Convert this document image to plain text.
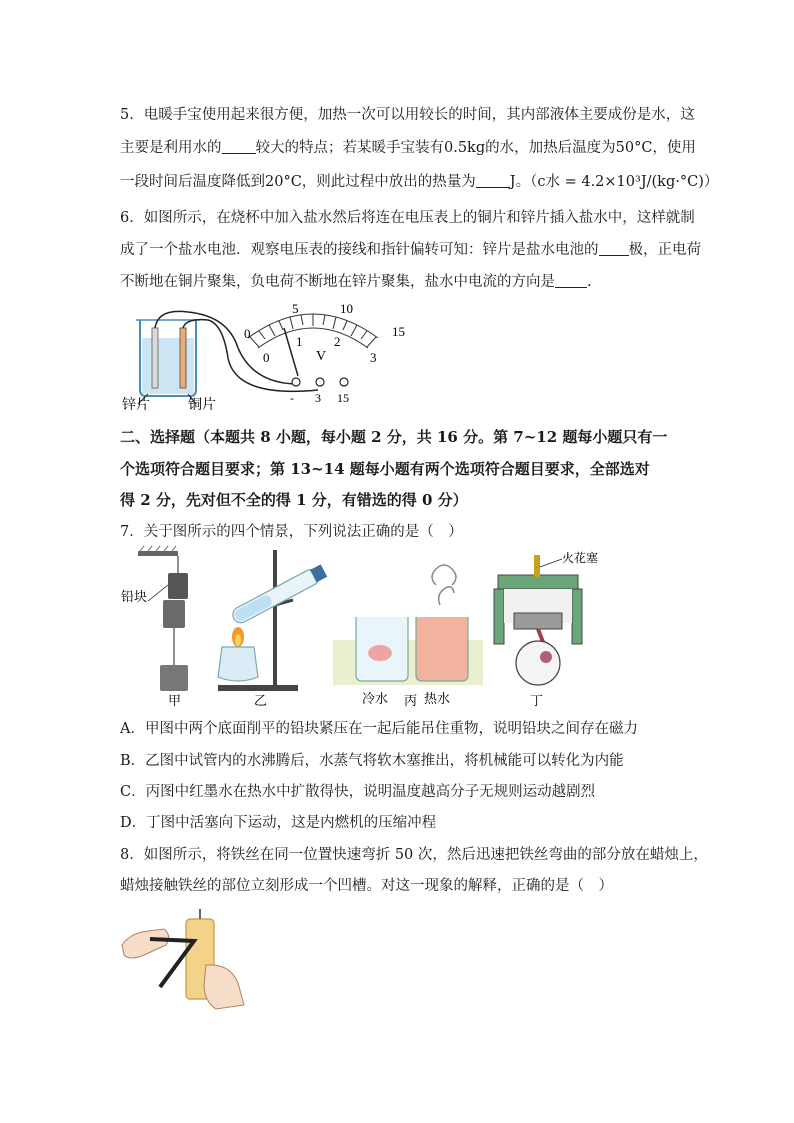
5．电暖手宝使用起来很方便，加热一次可以用较长的时间，其内部液体主要成份是水，这
主要是利用水的 较大的特点；若某暖手宝装有0.5kg的水，加热后温度为50°C，使用
一段时间后温度降低到20°C，则此过程中放出的热量为 J。（c水 = 4.2×10³J/(kg·°C)）
6．如图所示，在烧杯中加入盐水然后将连在电压表上的铜片和锌片插入盐水中，这样就制
成了一个盐水电池．观察电压表的接线和指针偏转可知：锌片是盐水电池的 极，正电荷
不断地在铜片聚集，负电荷不断地在锌片聚集，盐水中电流的方向是 .
0
5	10
15
0
1 2
3
V
- 3 15
锌片	铜片
二、选择题（本题共 8 小题，每小题 2 分，共 16 分。第 7~12 题每小题只有一
个选项符合题目要求；第 13~14 题每小题有两个选项符合题目要求，全部选对
得 2 分，先对但不全的得 1 分，有错选的得 0 分）
7．关于图所示的四个情景，下列说法正确的是（　）
铅块
冷水	热水
火花塞
甲	乙	丙	丁
A．甲图中两个底面削平的铅块紧压在一起后能吊住重物，说明铅块之间存在磁力
B．乙图中试管内的水沸腾后，水蒸气将软木塞推出，将机械能可以转化为内能
C．丙图中红墨水在热水中扩散得快，说明温度越高分子无规则运动越剧烈
D．丁图中活塞向下运动，这是内燃机的压缩冲程
8．如图所示，将铁丝在同一位置快速弯折 50 次，然后迅速把铁丝弯曲的部分放在蜡烛上，
蜡烛接触铁丝的部位立刻形成一个凹槽。对这一现象的解释，正确的是（　）
